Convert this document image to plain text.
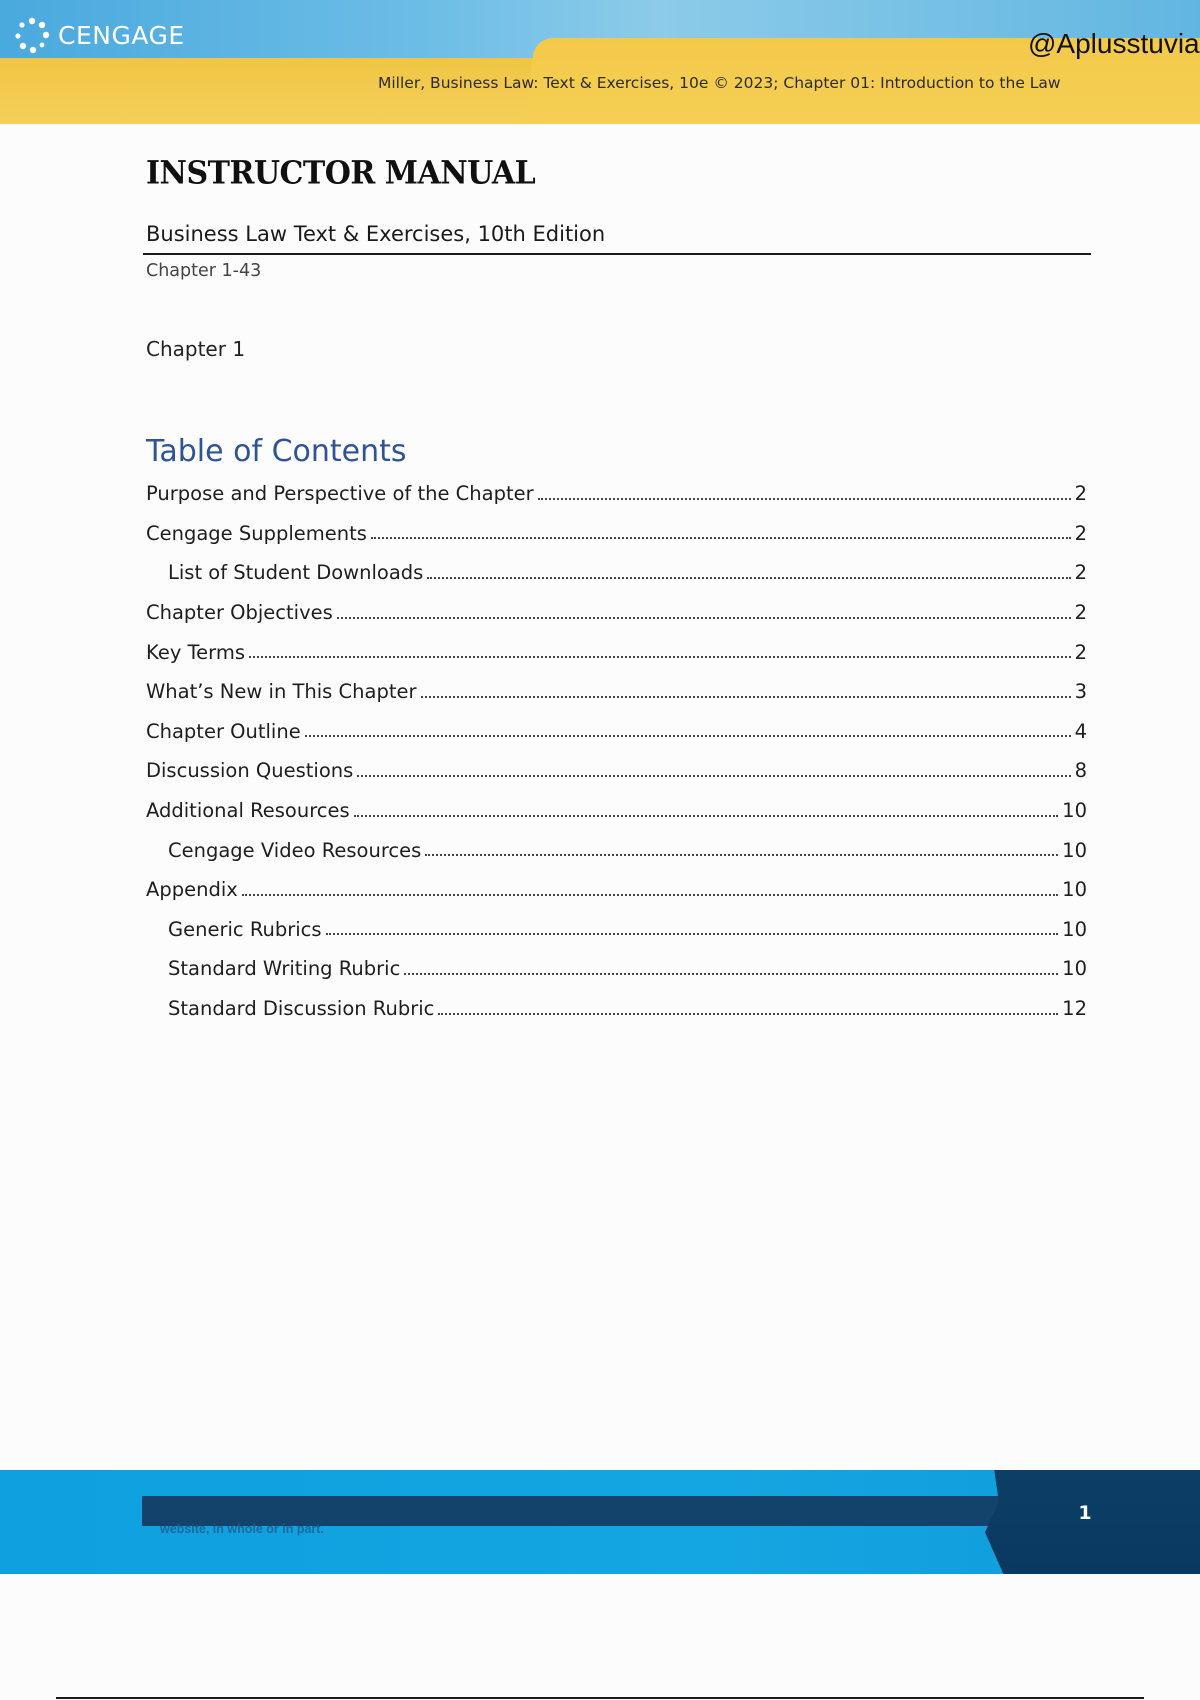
CENGAGE	@Aplusstuvia
Miller, Business Law: Text & Exercises, 10e © 2023; Chapter 01: Introduction to the Law
INSTRUCTOR MANUAL
Business Law Text & Exercises, 10th Edition
Chapter 1-43
Chapter 1
Table of Contents
Purpose and Perspective of the Chapter	2
Cengage Supplements	2
List of Student Downloads	2
Chapter Objectives	2
Key Terms	2
What’s New in This Chapter	3
Chapter Outline	4
Discussion Questions	8
Additional Resources	10
Cengage Video Resources	10
Appendix	10
Generic Rubrics	10
Standard Writing Rubric	10
Standard Discussion Rubric	12
website, in whole or in part.
1
